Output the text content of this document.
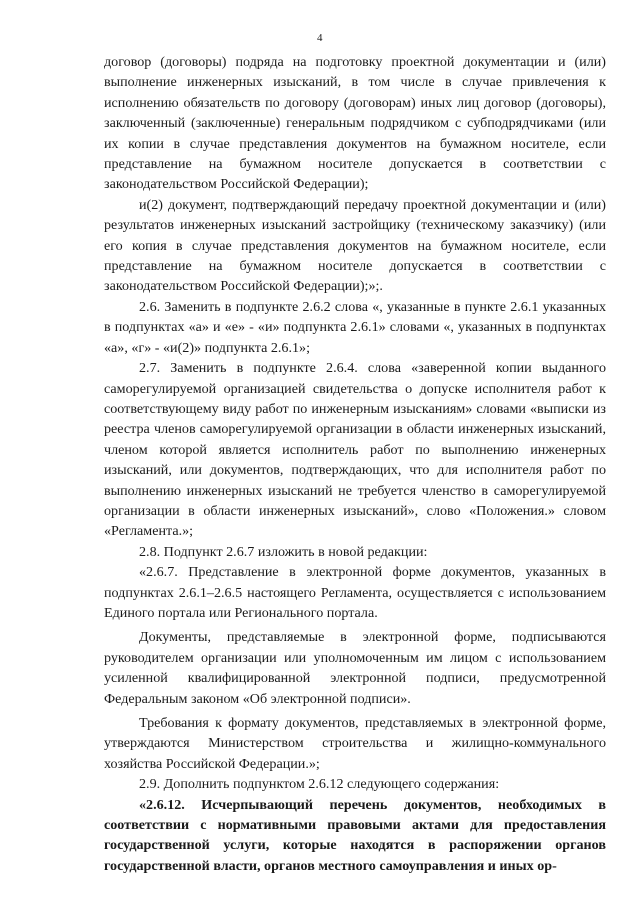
4

договор (договоры) подряда на подготовку проектной документации и (или) выполнение инженерных изысканий, в том числе в случае привлечения к исполнению обязательств по договору (договорам) иных лиц договор (договоры), заключенный (заключенные) генеральным подрядчиком с субподрядчиками (или их копии в случае представления документов на бумажном носителе, если представление на бумажном носителе допускается в соответствии с законодательством Российской Федерации);

и(2) документ, подтверждающий передачу проектной документации и (или) результатов инженерных изысканий застройщику (техническому заказчику) (или его копия в случае представления документов на бумажном носителе, если представление на бумажном носителе допускается в соответствии с законодательством Российской Федерации);»;.

2.6. Заменить в подпункте 2.6.2 слова «, указанные в пункте 2.6.1 указанных в подпунктах «а» и «е» - «и» подпункта 2.6.1» словами «, указанных в подпунктах «а», «г» - «и(2)» подпункта 2.6.1»;

2.7. Заменить в подпункте 2.6.4. слова «заверенной копии выданного саморегулируемой организацией свидетельства о допуске исполнителя работ к соответствующему виду работ по инженерным изысканиям» словами «выписки из реестра членов саморегулируемой организации в области инженерных изысканий, членом которой является исполнитель работ по выполнению инженерных изысканий, или документов, подтверждающих, что для исполнителя работ по выполнению инженерных изысканий не требуется членство в саморегулируемой организации в области инженерных изысканий», слово «Положения.» словом «Регламента.»;

2.8. Подпункт 2.6.7 изложить в новой редакции:

«2.6.7. Представление в электронной форме документов, указанных в подпунктах 2.6.1–2.6.5 настоящего Регламента, осуществляется с использованием Единого портала или Регионального портала.

Документы, представляемые в электронной форме, подписываются руководителем организации или уполномоченным им лицом с использованием усиленной квалифицированной электронной подписи, предусмотренной Федеральным законом «Об электронной подписи».

Требования к формату документов, представляемых в электронной форме, утверждаются Министерством строительства и жилищно-коммунального хозяйства Российской Федерации.»;

2.9. Дополнить подпунктом 2.6.12 следующего содержания:

«2.6.12. Исчерпывающий перечень документов, необходимых в соответствии с нормативными правовыми актами для предоставления государственной услуги, которые находятся в распоряжении органов государственной власти, органов местного самоуправления и иных ор-
